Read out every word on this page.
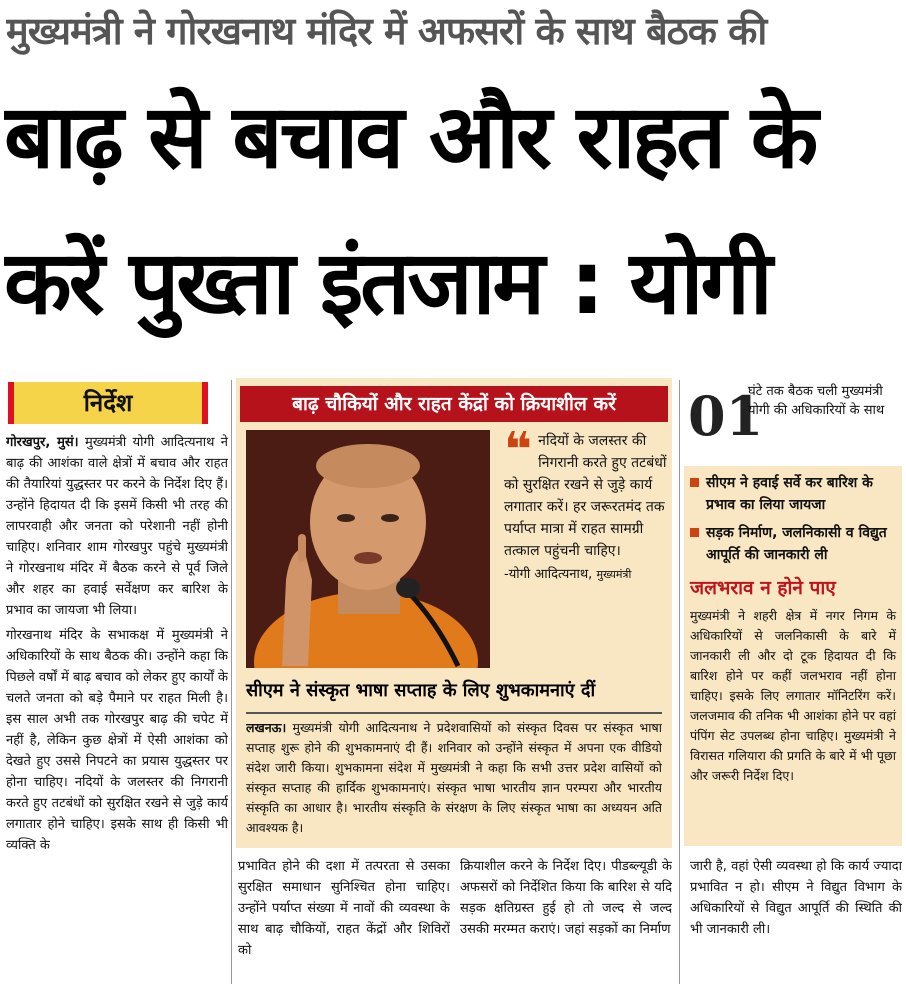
मुख्यमंत्री ने गोरखनाथ मंदिर में अफसरों के साथ बैठक की
बाढ़ से बचाव और राहत के
करें पुख्ता इंतजाम : योगी
निर्देश

गोरखपुर, मुसं। मुख्यमंत्री योगी आदित्यनाथ ने बाढ़ की आशंका वाले क्षेत्रों में बचाव और राहत की तैयारियां युद्धस्तर पर करने के निर्देश दिए हैं। उन्होंने हिदायत दी कि इसमें किसी भी तरह की लापरवाही और जनता को परेशानी नहीं होनी चाहिए। शनिवार शाम गोरखपुर पहुंचे मुख्यमंत्री ने गोरखनाथ मंदिर में बैठक करने से पूर्व जिले और शहर का हवाई सर्वेक्षण कर बारिश के प्रभाव का जायजा भी लिया।

गोरखनाथ मंदिर के सभाकक्ष में मुख्यमंत्री ने अधिकारियों के साथ बैठक की। उन्होंने कहा कि पिछले वर्षों में बाढ़ बचाव को लेकर हुए कार्यों के चलते जनता को बड़े पैमाने पर राहत मिली है। इस साल अभी तक गोरखपुर बाढ़ की चपेट में नहीं है, लेकिन कुछ क्षेत्रों में ऐसी आशंका को देखते हुए उससे निपटने का प्रयास युद्धस्तर पर होना चाहिए। नदियों के जलस्तर की निगरानी करते हुए तटबंधों को सुरक्षित रखने से जुड़े कार्य लगातार होने चाहिए। इसके साथ ही किसी भी व्यक्ति के

बाढ़ चौकियों और राहत केंद्रों को क्रियाशील करें
❝ नदियों के जलस्तर की निगरानी करते हुए तटबंधों को सुरक्षित रखने से जुड़े कार्य लगातार करें। हर जरूरतमंद तक पर्याप्त मात्रा में राहत सामग्री तत्काल पहुंचनी चाहिए।
-योगी आदित्यनाथ, मुख्यमंत्री
सीएम ने संस्कृत भाषा सप्ताह के लिए शुभकामनाएं दीं
लखनऊ। मुख्यमंत्री योगी आदित्यनाथ ने प्रदेशवासियों को संस्कृत दिवस पर संस्कृत भाषा सप्ताह शुरू होने की शुभकामनाएं दी हैं। शनिवार को उन्होंने संस्कृत में अपना एक वीडियो संदेश जारी किया। शुभकामना संदेश में मुख्यमंत्री ने कहा कि सभी उत्तर प्रदेश वासियों को संस्कृत सप्ताह की हार्दिक शुभकामनाएं। संस्कृत भाषा भारतीय ज्ञान परम्परा और भारतीय संस्कृति का आधार है। भारतीय संस्कृति के संरक्षण के लिए संस्कृत भाषा का अध्ययन अति आवश्यक है।
प्रभावित होने की दशा में तत्परता से उसका सुरक्षित समाधान सुनिश्चित होना चाहिए। उन्होंने पर्याप्त संख्या में नावों की व्यवस्था के साथ बाढ़ चौकियों, राहत केंद्रों और शिविरों को
क्रियाशील करने के निर्देश दिए। पीडब्ल्यूडी के अफसरों को निर्देशित किया कि बारिश से यदि सड़क क्षतिग्रस्त हुई हो तो जल्द से जल्द उसकी मरम्मत कराएं। जहां सड़कों का निर्माण
जारी है, वहां ऐसी व्यवस्था हो कि कार्य ज्यादा प्रभावित न हो। सीएम ने विद्युत विभाग के अधिकारियों से विद्युत आपूर्ति की स्थिति की भी जानकारी ली।
01
घंटे तक बैठक चली मुख्यमंत्री योगी की अधिकारियों के साथ
सीएम ने हवाई सर्वे कर बारिश के प्रभाव का लिया जायजा
सड़क निर्माण, जलनिकासी व विद्युत आपूर्ति की जानकारी ली
जलभराव न होने पाए
मुख्यमंत्री ने शहरी क्षेत्र में नगर निगम के अधिकारियों से जलनिकासी के बारे में जानकारी ली और दो टूक हिदायत दी कि बारिश होने पर कहीं जलभराव नहीं होना चाहिए। इसके लिए लगातार मॉनिटरिंग करें। जलजमाव की तनिक भी आशंका होने पर वहां पंपिंग सेट उपलब्ध होना चाहिए। मुख्यमंत्री ने विरासत गलियारा की प्रगति के बारे में भी पूछा और जरूरी निर्देश दिए।
